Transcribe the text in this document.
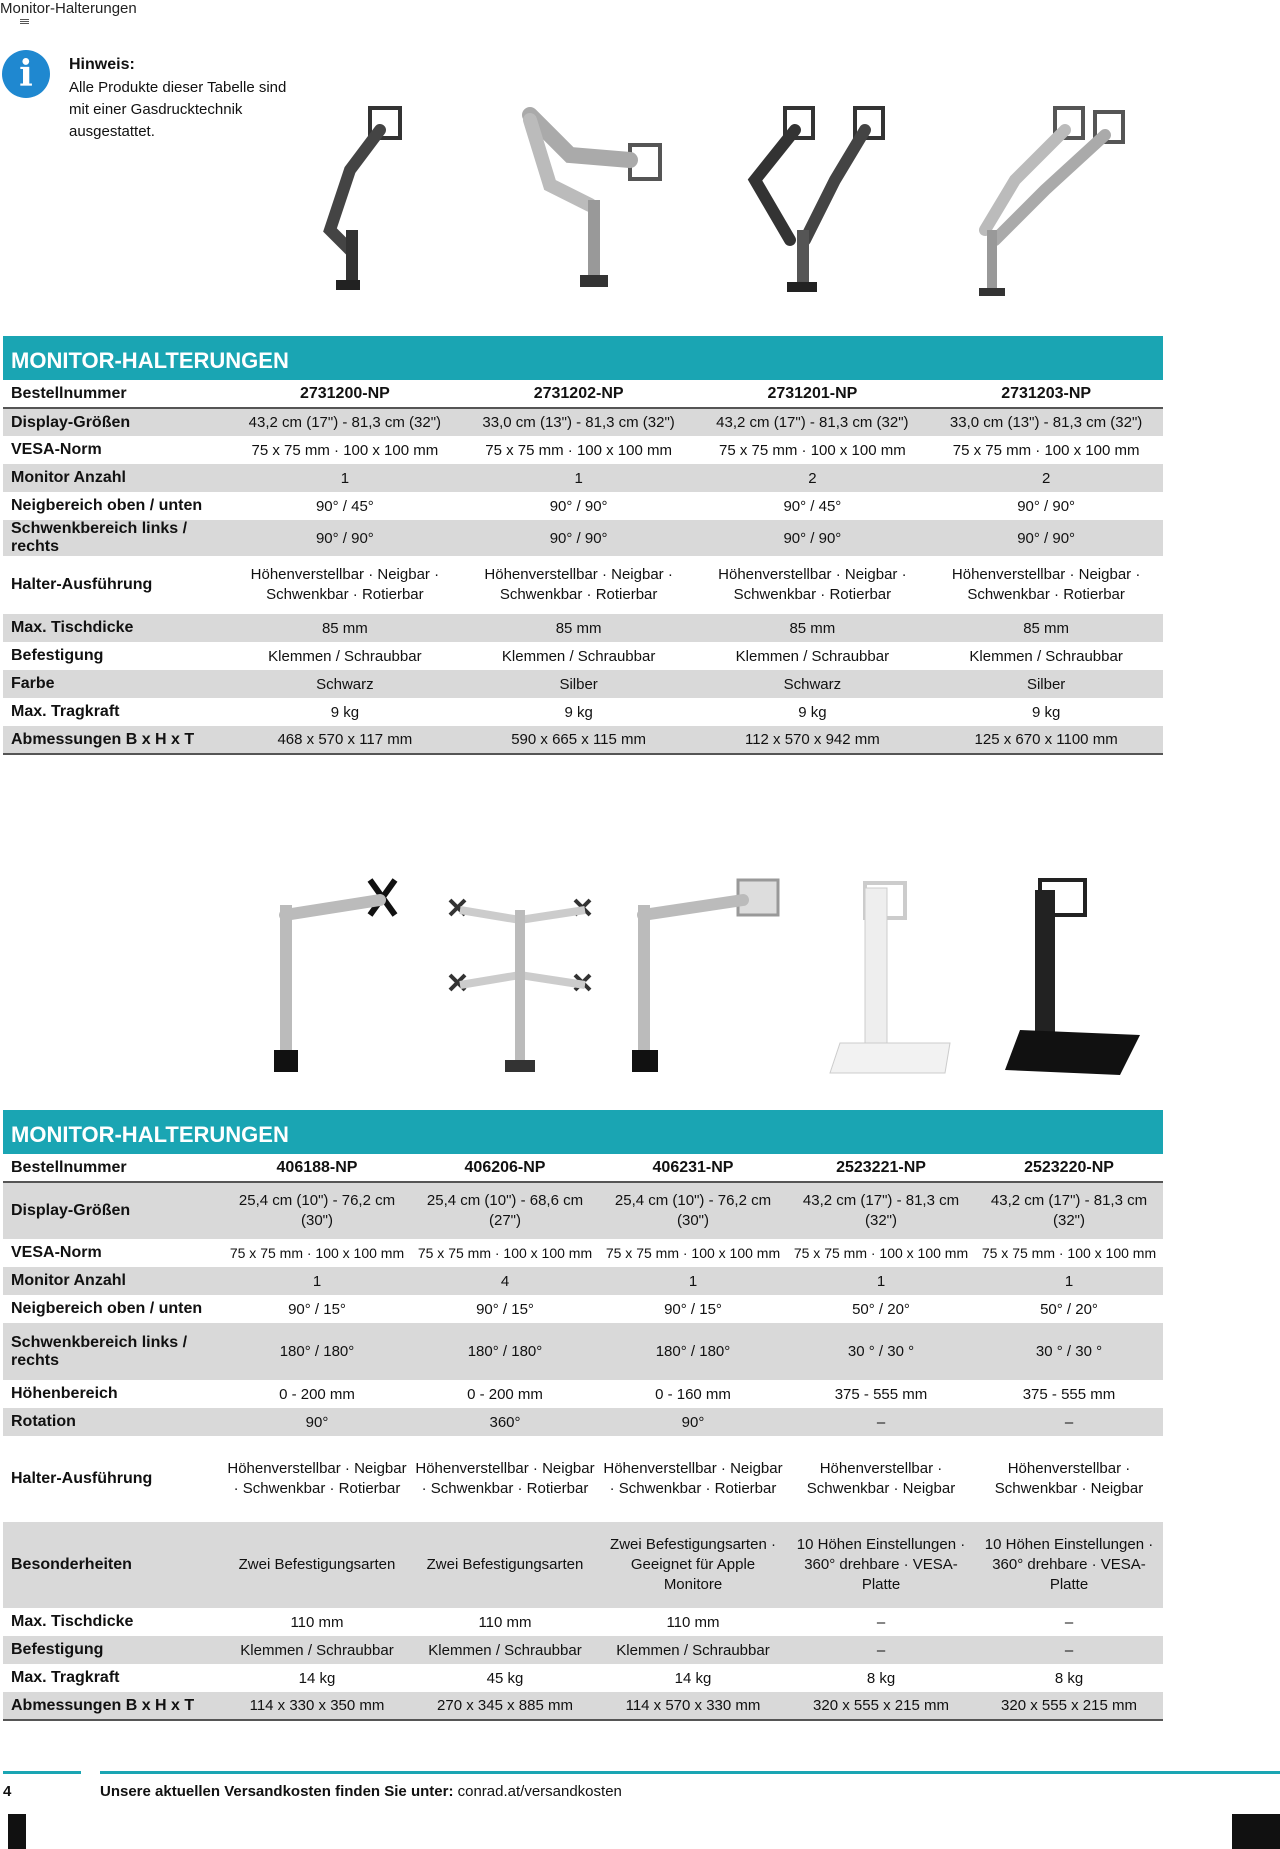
Monitor-Halterungen
i	Hinweis:
Alle Produkte dieser Tabelle sind mit einer Gasdrucktechnik ausgestattet.
MONITOR-HALTERUNGEN
Bestellnummer	2731200-NP	2731202-NP	2731201-NP	2731203-NP
Display-Größen	43,2 cm (17") - 81,3 cm (32")	33,0 cm (13") - 81,3 cm (32")	43,2 cm (17") - 81,3 cm (32")	33,0 cm (13") - 81,3 cm (32")
VESA-Norm	75 x 75 mm · 100 x 100 mm	75 x 75 mm · 100 x 100 mm	75 x 75 mm · 100 x 100 mm	75 x 75 mm · 100 x 100 mm
Monitor Anzahl	1	1	2	2
Neigbereich oben / unten	90° / 45°	90° / 90°	90° / 45°	90° / 90°
Schwenkbereich links / rechts	90° / 90°	90° / 90°	90° / 90°	90° / 90°
Halter-Ausführung	Höhenverstellbar · Neigbar · Schwenkbar · Rotierbar	Höhenverstellbar · Neigbar · Schwenkbar · Rotierbar	Höhenverstellbar · Neigbar · Schwenkbar · Rotierbar	Höhenverstellbar · Neigbar · Schwenkbar · Rotierbar
Max. Tischdicke	85 mm	85 mm	85 mm	85 mm
Befestigung	Klemmen / Schraubbar	Klemmen / Schraubbar	Klemmen / Schraubbar	Klemmen / Schraubbar
Farbe	Schwarz	Silber	Schwarz	Silber
Max. Tragkraft	9 kg	9 kg	9 kg	9 kg
Abmessungen B x H x T	468 x 570 x 117 mm	590 x 665 x 115 mm	112 x 570 x 942 mm	125 x 670 x 1100 mm
MONITOR-HALTERUNGEN
Bestellnummer	406188-NP	406206-NP	406231-NP	2523221-NP	2523220-NP
Display-Größen	25,4 cm (10") - 76,2 cm (30")	25,4 cm (10") - 68,6 cm (27")	25,4 cm (10") - 76,2 cm (30")	43,2 cm (17") - 81,3 cm (32")	43,2 cm (17") - 81,3 cm (32")
VESA-Norm	75 x 75 mm · 100 x 100 mm	75 x 75 mm · 100 x 100 mm	75 x 75 mm · 100 x 100 mm	75 x 75 mm · 100 x 100 mm	75 x 75 mm · 100 x 100 mm
Monitor Anzahl	1	4	1	1	1
Neigbereich oben / unten	90° / 15°	90° / 15°	90° / 15°	50° / 20°	50° / 20°
Schwenkbereich links / rechts	180° / 180°	180° / 180°	180° / 180°	30 ° / 30 °	30 ° / 30 °
Höhenbereich	0 - 200 mm	0 - 200 mm	0 - 160 mm	375 - 555 mm	375 - 555 mm
Rotation	90°	360°	90°	–	–
Halter-Ausführung	Höhenverstellbar · Neigbar · Schwenkbar · Rotierbar	Höhenverstellbar · Neigbar · Schwenkbar · Rotierbar	Höhenverstellbar · Neigbar · Schwenkbar · Rotierbar	Höhenverstellbar · Schwenkbar · Neigbar	Höhenverstellbar · Schwenkbar · Neigbar
Besonderheiten	Zwei Befestigungsarten	Zwei Befestigungsarten	Zwei Befestigungsarten · Geeignet für Apple Monitore	10 Höhen Einstellungen · 360° drehbare · VESA-Platte	10 Höhen Einstellungen · 360° drehbare · VESA-Platte
Max. Tischdicke	110 mm	110 mm	110 mm	–	–
Befestigung	Klemmen / Schraubbar	Klemmen / Schraubbar	Klemmen / Schraubbar	–	–
Max. Tragkraft	14 kg	45 kg	14 kg	8 kg	8 kg
Abmessungen B x H x T	114 x 330 x 350 mm	270 x 345 x 885 mm	114 x 570 x 330 mm	320 x 555 x 215 mm	320 x 555 x 215 mm
4	Unsere aktuellen Versandkosten finden Sie unter: conrad.at/versandkosten
